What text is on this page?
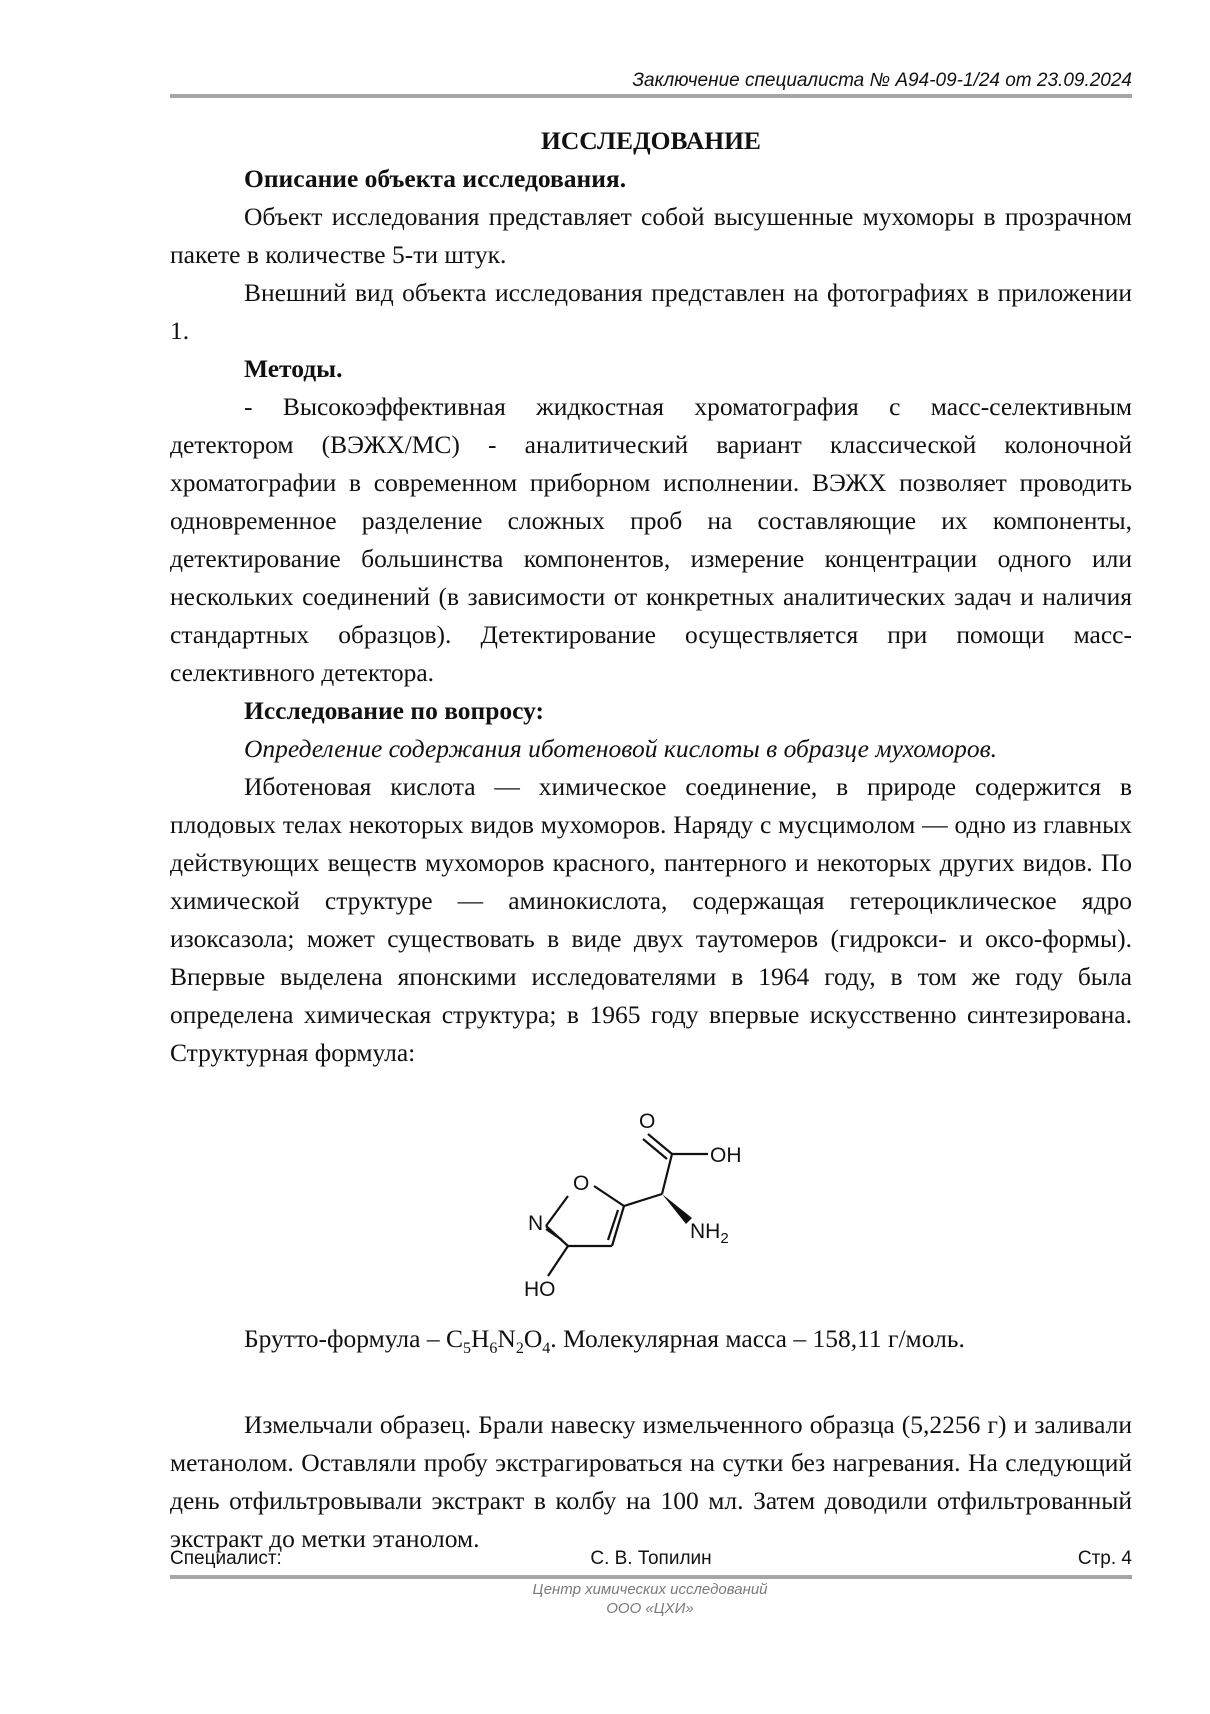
Заключение специалиста № А94-09-1/24 от 23.09.2024

ИССЛЕДОВАНИЕ

Описание объекта исследования.

Объект исследования представляет собой высушенные мухоморы в прозрачном пакете в количестве 5-ти штук.

Внешний вид объекта исследования представлен на фотографиях в приложении 1.

Методы.

- Высокоэффективная жидкостная хроматография с масс-селективным детектором (ВЭЖХ/МС) - аналитический вариант классической колоночной хроматографии в современном приборном исполнении. ВЭЖХ позволяет проводить одновременное разделение сложных проб на составляющие их компоненты, детектирование большинства компонентов, измерение концентрации одного или нескольких соединений (в зависимости от конкретных аналитических задач и наличия стандартных образцов). Детектирование осуществляется при помощи масс-селективного детектора.

Исследование по вопросу:

Определение содержания иботеновой кислоты в образце мухоморов.

Иботеновая кислота — химическое соединение, в природе содержится в плодовых телах некоторых видов мухоморов. Наряду с мусцимолом — одно из главных действующих веществ мухоморов красного, пантерного и некоторых других видов. По химической структуре — аминокислота, содержащая гетероциклическое ядро изоксазола; может существовать в виде двух таутомеров (гидрокси- и оксо-формы). Впервые выделена японскими исследователями в 1964 году, в том же году была определена химическая структура; в 1965 году впервые искусственно синтезирована. Структурная формула:

Брутто-формула – $C_5H_6N_2O_4$. Молекулярная масса – 158,11 г/моль.

Измельчали образец. Брали навеску измельченного образца (5,2256 г) и заливали метанолом. Оставляли пробу экстрагироваться на сутки без нагревания. На следующий день отфильтровывали экстракт в колбу на 100 мл. Затем доводили отфильтрованный экстракт до метки этанолом.

O
OH
O
N	$NH_2$
HO
Специалист:	С. В. Топилин	Стр. 4
Центр химических исследований
ООО «ЦХИ»
